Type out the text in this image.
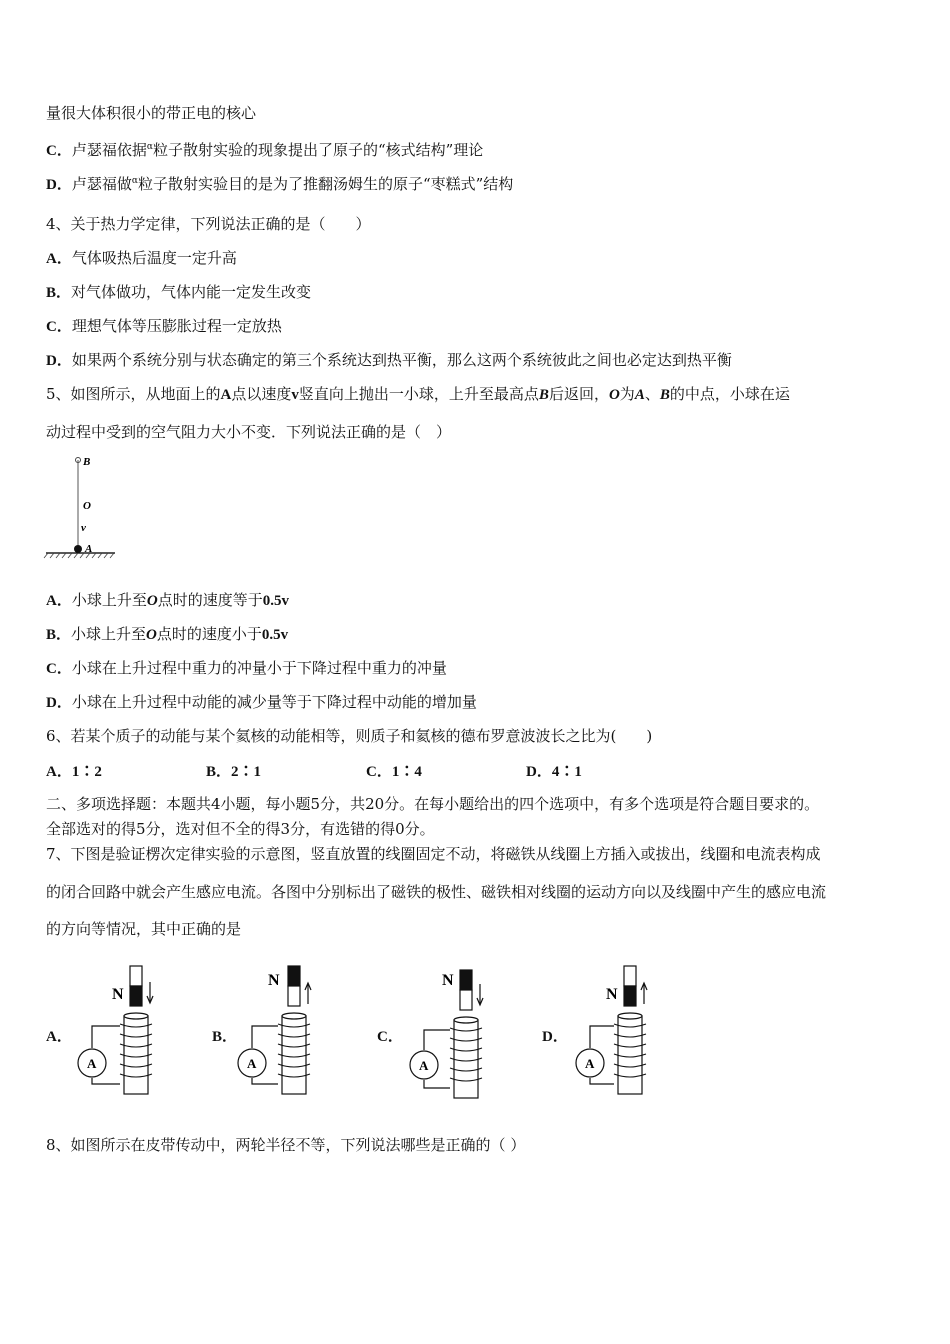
量很大体积很小的带正电的核心
C．卢瑟福依据$^\alpha$粒子散射实验的现象提出了原子的“核式结构”理论
D．卢瑟福做$^\alpha$粒子散射实验目的是为了推翻汤姆生的原子“枣糕式”结构
4、关于热力学定律，下列说法正确的是（　　）
A．气体吸热后温度一定升高
B．对气体做功，气体内能一定发生改变
C．理想气体等压膨胀过程一定放热
D．如果两个系统分别与状态确定的第三个系统达到热平衡，那么这两个系统彼此之间也必定达到热平衡
5、如图所示，从地面上的A点以速度v竖直向上抛出一小球，上升至最高点B后返回，O为A、B的中点，小球在运
动过程中受到的空气阻力大小不变．下列说法正确的是（　）
B
O
v
A
A．小球上升至O点时的速度等于0.5v
B．小球上升至O点时的速度小于0.5v
C．小球在上升过程中重力的冲量小于下降过程中重力的冲量
D．小球在上升过程中动能的减少量等于下降过程中动能的增加量
6、若某个质子的动能与某个氦核的动能相等，则质子和氦核的德布罗意波波长之比为(　　)
A．1∶2	B．2∶1	C．1∶4	D．4∶1
二、多项选择题：本题共4小题，每小题5分，共20分。在每小题给出的四个选项中，有多个选项是符合题目要求的。
全部选对的得5分，选对但不全的得3分，有选错的得0分。
7、下图是验证楞次定律实验的示意图，竖直放置的线圈固定不动，将磁铁从线圈上方插入或拔出，线圈和电流表构成
的闭合回路中就会产生感应电流。各图中分别标出了磁铁的极性、磁铁相对线圈的运动方向以及线圈中产生的感应电流
的方向等情况，其中正确的是
A．
N
A
B．
N
A
C．
N
A
D．
N
A
8、如图所示在皮带传动中，两轮半径不等，下列说法哪些是正确的（ ）
